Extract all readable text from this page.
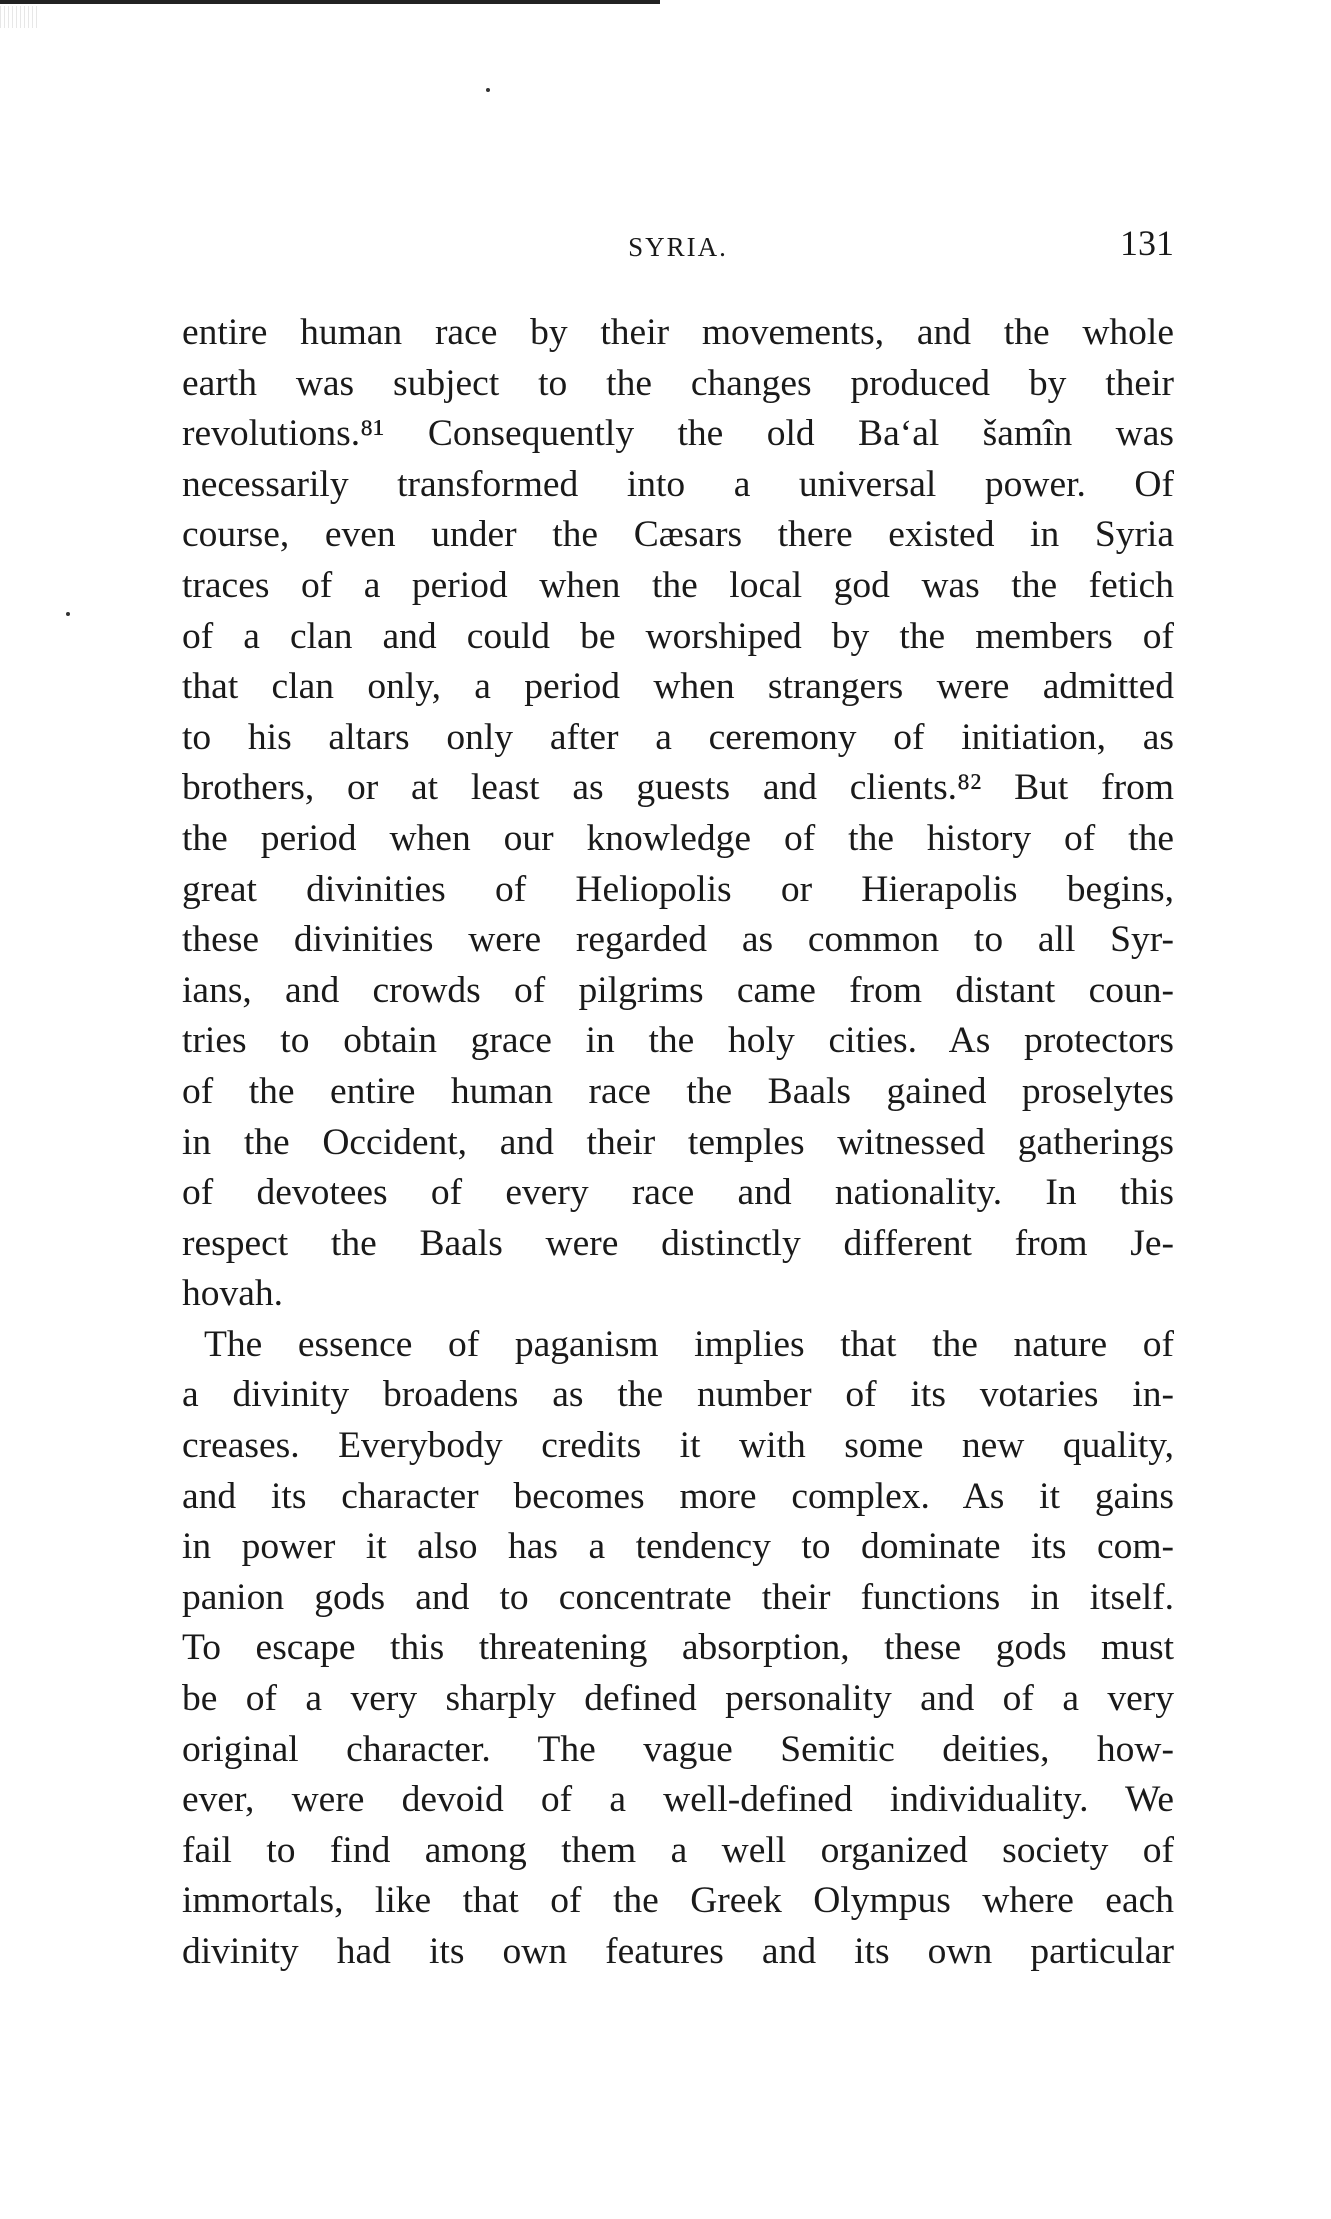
SYRIA.	131
entire human race by their movements, and the whole
earth was subject to the changes produced by their
revolutions.⁸¹ Consequently the old Ba‘al šamîn was
necessarily transformed into a universal power. Of
course, even under the Cæsars there existed in Syria
traces of a period when the local god was the fetich
of a clan and could be worshiped by the members of
that clan only, a period when strangers were admitted
to his altars only after a ceremony of initiation, as
brothers, or at least as guests and clients.⁸² But from
the period when our knowledge of the history of the
great divinities of Heliopolis or Hierapolis begins,
these divinities were regarded as common to all Syr-
ians, and crowds of pilgrims came from distant coun-
tries to obtain grace in the holy cities. As protectors
of the entire human race the Baals gained proselytes
in the Occident, and their temples witnessed gatherings
of devotees of every race and nationality. In this
respect the Baals were distinctly different from Je-
hovah.
The essence of paganism implies that the nature of
a divinity broadens as the number of its votaries in-
creases. Everybody credits it with some new quality,
and its character becomes more complex. As it gains
in power it also has a tendency to dominate its com-
panion gods and to concentrate their functions in itself.
To escape this threatening absorption, these gods must
be of a very sharply defined personality and of a very
original character. The vague Semitic deities, how-
ever, were devoid of a well-defined individuality. We
fail to find among them a well organized society of
immortals, like that of the Greek Olympus where each
divinity had its own features and its own particular
